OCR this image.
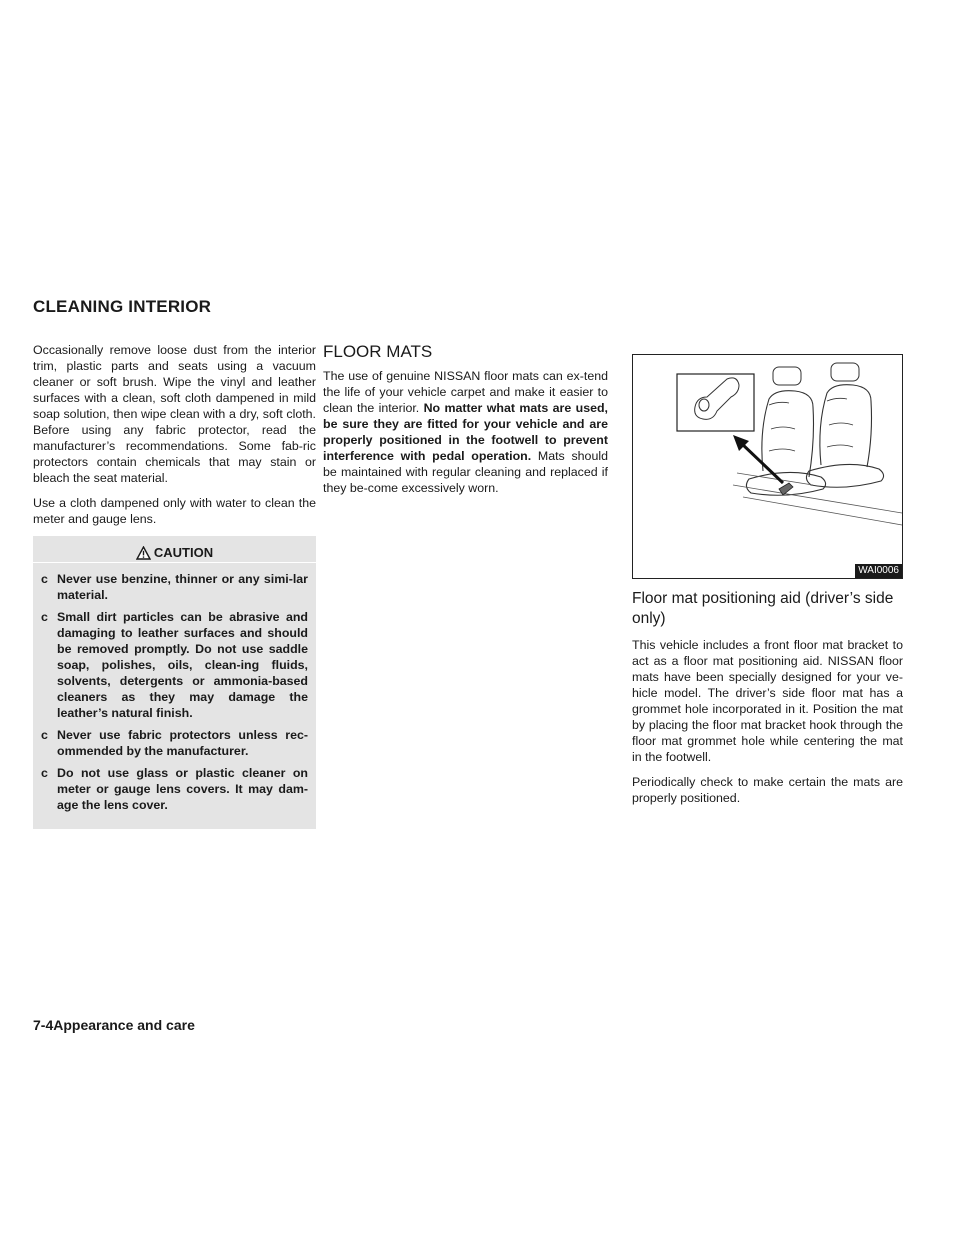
CLEANING INTERIOR

Occasionally remove loose dust from the interior trim, plastic parts and seats using a vacuum cleaner or soft brush. Wipe the vinyl and leather surfaces with a clean, soft cloth dampened in mild soap solution, then wipe clean with a dry, soft cloth. Before using any fabric protector, read the manufacturer’s recommendations. Some fab-ric protectors contain chemicals that may stain or bleach the seat material.

Use a cloth dampened only with water to clean the meter and gauge lens.

CAUTION
c Never use benzine, thinner or any simi-lar material.
c Small dirt particles can be abrasive and damaging to leather surfaces and should be removed promptly. Do not use saddle soap, polishes, oils, clean-ing fluids, solvents, detergents or ammonia-based cleaners as they may damage the leather’s natural finish.
c Never use fabric protectors unless rec-ommended by the manufacturer.
c Do not use glass or plastic cleaner on meter or gauge lens covers. It may dam-age the lens cover.
FLOOR MATS

The use of genuine NISSAN floor mats can ex-tend the life of your vehicle carpet and make it easier to clean the interior. No matter what mats are used, be sure they are fitted for your vehicle and are properly positioned in the footwell to prevent interference with pedal operation. Mats should be maintained with regular cleaning and replaced if they be-come excessively worn.

WAI0006
Floor mat positioning aid (driver’s side only)

This vehicle includes a front floor mat bracket to act as a floor mat positioning aid. NISSAN floor mats have been specially designed for your ve-hicle model. The driver’s side floor mat has a grommet hole incorporated in it. Position the mat by placing the floor mat bracket hook through the floor mat grommet hole while centering the mat in the footwell.

Periodically check to make certain the mats are properly positioned.

7-4Appearance and care
